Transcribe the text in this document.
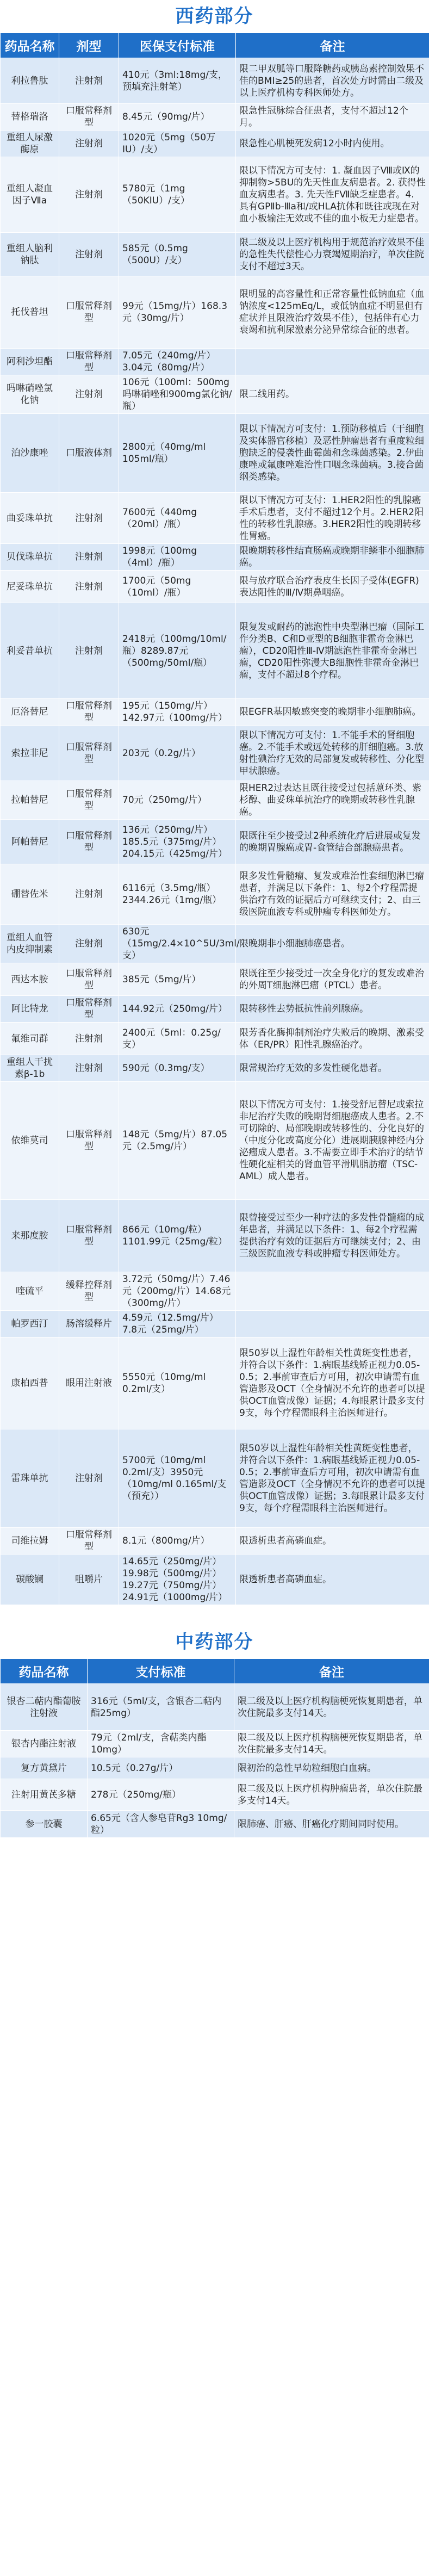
西药部分
药品名称	剂型	医保支付标准	备注
利拉鲁肽	注射剂	410元（3ml:18mg/支，预填充注射笔）	限二甲双胍等口服降糖药或胰岛素控制效果不佳的BMI≥25的患者，首次处方时需由二级及以上医疗机构专科医师处方。
替格瑞洛	口服常释剂型	8.45元（90mg/片）	限急性冠脉综合征患者，支付不超过12个月。
重组人尿激酶原	注射剂	1020元（5mg（50万IU）/支）	限急性心肌梗死发病12小时内使用。
重组人凝血因子Ⅶa	注射剂	5780元（1mg（50KIU）/支）	限以下情况方可支付：1. 凝血因子Ⅷ或Ⅸ的抑制物>5BU的先天性血友病患者。2. 获得性血友病患者。3. 先天性FⅦ缺乏症患者。4. 具有GPⅡb-Ⅲa和/或HLA抗体和既往或现在对血小板输注无效或不佳的血小板无力症患者。
重组人脑利钠肽	注射剂	585元（0.5mg（500U）/支）	限二级及以上医疗机构用于规范治疗效果不佳的急性失代偿性心力衰竭短期治疗，单次住院支付不超过3天。
托伐普坦	口服常释剂型	99元（15mg/片）168.3元（30mg/片）	限明显的高容量性和正常容量性低钠血症（血钠浓度<125mEq/L，或低钠血症不明显但有症状并且限液治疗效果不佳），包括伴有心力衰竭和抗利尿激素分泌异常综合征的患者。
阿利沙坦酯	口服常释剂型	7.05元（240mg/片）3.04元（80mg/片）	
吗啉硝唑氯化钠	注射剂	106元（100ml：500mg吗啉硝唑和900mg氯化钠/瓶）	限二线用药。
泊沙康唑	口服液体剂	2800元（40mg/ml 105ml/瓶）	限以下情况方可支付：1.预防移植后（干细胞及实体器官移植）及恶性肿瘤患者有重度粒细胞缺乏的侵袭性曲霉菌和念珠菌感染。2.伊曲康唑或氟康唑难治性口咽念珠菌病。3.接合菌纲类感染。
曲妥珠单抗	注射剂	7600元（440mg（20ml）/瓶）	限以下情况方可支付：1.HER2阳性的乳腺癌手术后患者，支付不超过12个月。2.HER2阳性的转移性乳腺癌。3.HER2阳性的晚期转移性胃癌。
贝伐珠单抗	注射剂	1998元（100mg（4ml）/瓶）	限晚期转移性结直肠癌或晚期非鳞非小细胞肺癌。
尼妥珠单抗	注射剂	1700元（50mg（10ml）/瓶）	限与放疗联合治疗表皮生长因子受体(EGFR)表达阳性的Ⅲ/Ⅳ期鼻咽癌。
利妥昔单抗	注射剂	2418元（100mg/10ml/瓶）8289.87元（500mg/50ml/瓶）	限复发或耐药的滤泡性中央型淋巴瘤（国际工作分类B、C和D亚型的B细胞非霍奇金淋巴瘤），CD20阳性Ⅲ-Ⅳ期滤泡性非霍奇金淋巴瘤，CD20阳性弥漫大B细胞性非霍奇金淋巴瘤，支付不超过8个疗程。
厄洛替尼	口服常释剂型	195元（150mg/片）142.97元（100mg/片）	限EGFR基因敏感突变的晚期非小细胞肺癌。
索拉非尼	口服常释剂型	203元（0.2g/片）	限以下情况方可支付：1.不能手术的肾细胞癌。2.不能手术或远处转移的肝细胞癌。3.放射性碘治疗无效的局部复发或转移性、分化型甲状腺癌。
拉帕替尼	口服常释剂型	70元（250mg/片）	限HER2过表达且既往接受过包括蒽环类、紫杉醇、曲妥珠单抗治疗的晚期或转移性乳腺癌。
阿帕替尼	口服常释剂型	136元（250mg/片）185.5元（375mg/片）204.15元（425mg/片）	限既往至少接受过2种系统化疗后进展或复发的晚期胃腺癌或胃-食管结合部腺癌患者。
硼替佐米	注射剂	6116元（3.5mg/瓶）2344.26元（1mg/瓶）	限多发性骨髓瘤、复发或难治性套细胞淋巴瘤患者，并满足以下条件：1、每2个疗程需提供治疗有效的证据后方可继续支付；2、由三级医院血液专科或肿瘤专科医师处方。
重组人血管内皮抑制素	注射剂	630元（15mg/2.4×10^5U/3ml/支）	限晚期非小细胞肺癌患者。
西达本胺	口服常释剂型	385元（5mg/片）	限既往至少接受过一次全身化疗的复发或难治的外周T细胞淋巴瘤（PTCL）患者。
阿比特龙	口服常释剂型	144.92元（250mg/片）	限转移性去势抵抗性前列腺癌。
氟维司群	注射剂	2400元（5ml：0.25g/支）	限芳香化酶抑制剂治疗失败后的晚期、激素受体（ER/PR）阳性乳腺癌治疗。
重组人干扰素β-1b	注射剂	590元（0.3mg/支）	限常规治疗无效的多发性硬化患者。
依维莫司	口服常释剂型	148元（5mg/片）87.05元（2.5mg/片）	限以下情况方可支付：1.接受舒尼替尼或索拉非尼治疗失败的晚期肾细胞癌成人患者。2.不可切除的、局部晚期或转移性的、分化良好的（中度分化或高度分化）进展期胰腺神经内分泌瘤成人患者。3.不需要立即手术治疗的结节性硬化症相关的肾血管平滑肌脂肪瘤（TSC-AML）成人患者。
来那度胺	口服常释剂型	866元（10mg/粒）1101.99元（25mg/粒）	限曾接受过至少一种疗法的多发性骨髓瘤的成年患者，并满足以下条件：1、每2个疗程需提供治疗有效的证据后方可继续支付；2、由三级医院血液专科或肿瘤专科医师处方。
喹硫平	缓释控释剂型	3.72元（50mg/片）7.46元（200mg/片）14.68元（300mg/片）	
帕罗西汀	肠溶缓释片	4.59元（12.5mg/片）7.8元（25mg/片）	
康柏西普	眼用注射液	5550元（10mg/ml 0.2ml/支）	限50岁以上湿性年龄相关性黄斑变性患者，并符合以下条件：1.病眼基线矫正视力0.05-0.5；2.事前审查后方可用，初次申请需有血管造影及OCT（全身情况不允许的患者可以提供OCT血管成像）证据；4.每眼累计最多支付9支，每个疗程需眼科主治医师进行。
雷珠单抗	注射剂	5700元（10mg/ml 0.2ml/支）3950元（10mg/ml 0.165ml/支（预充））	限50岁以上湿性年龄相关性黄斑变性患者，并符合以下条件：1.病眼基线矫正视力0.05-0.5；2.事前审查后方可用，初次申请需有血管造影及OCT（全身情况不允许的患者可以提供OCT血管成像）证据；3.每眼累计最多支付9支，每个疗程需眼科主治医师进行。
司维拉姆	口服常释剂型	8.1元（800mg/片）	限透析患者高磷血症。
碳酸镧	咀嚼片	14.65元（250mg/片）19.98元（500mg/片）19.27元（750mg/片）24.91元（1000mg/片）	限透析患者高磷血症。
中药部分
药品名称	支付标准	备注
银杏二萜内酯葡胺注射液	316元（5ml/支，含银杏二萜内酯25mg）	限二级及以上医疗机构脑梗死恢复期患者，单次住院最多支付14天。
银杏内酯注射液	79元（2ml/支，含萜类内酯10mg）	限二级及以上医疗机构脑梗死恢复期患者，单次住院最多支付14天。
复方黄黛片	10.5元（0.27g/片）	限初治的急性早幼粒细胞白血病。
注射用黄芪多糖	278元（250mg/瓶）	限二级及以上医疗机构肿瘤患者，单次住院最多支付14天。
参一胶囊	6.65元（含人参皂苷Rg3 10mg/粒）	限肺癌、肝癌、肝癌化疗期间同时使用。
